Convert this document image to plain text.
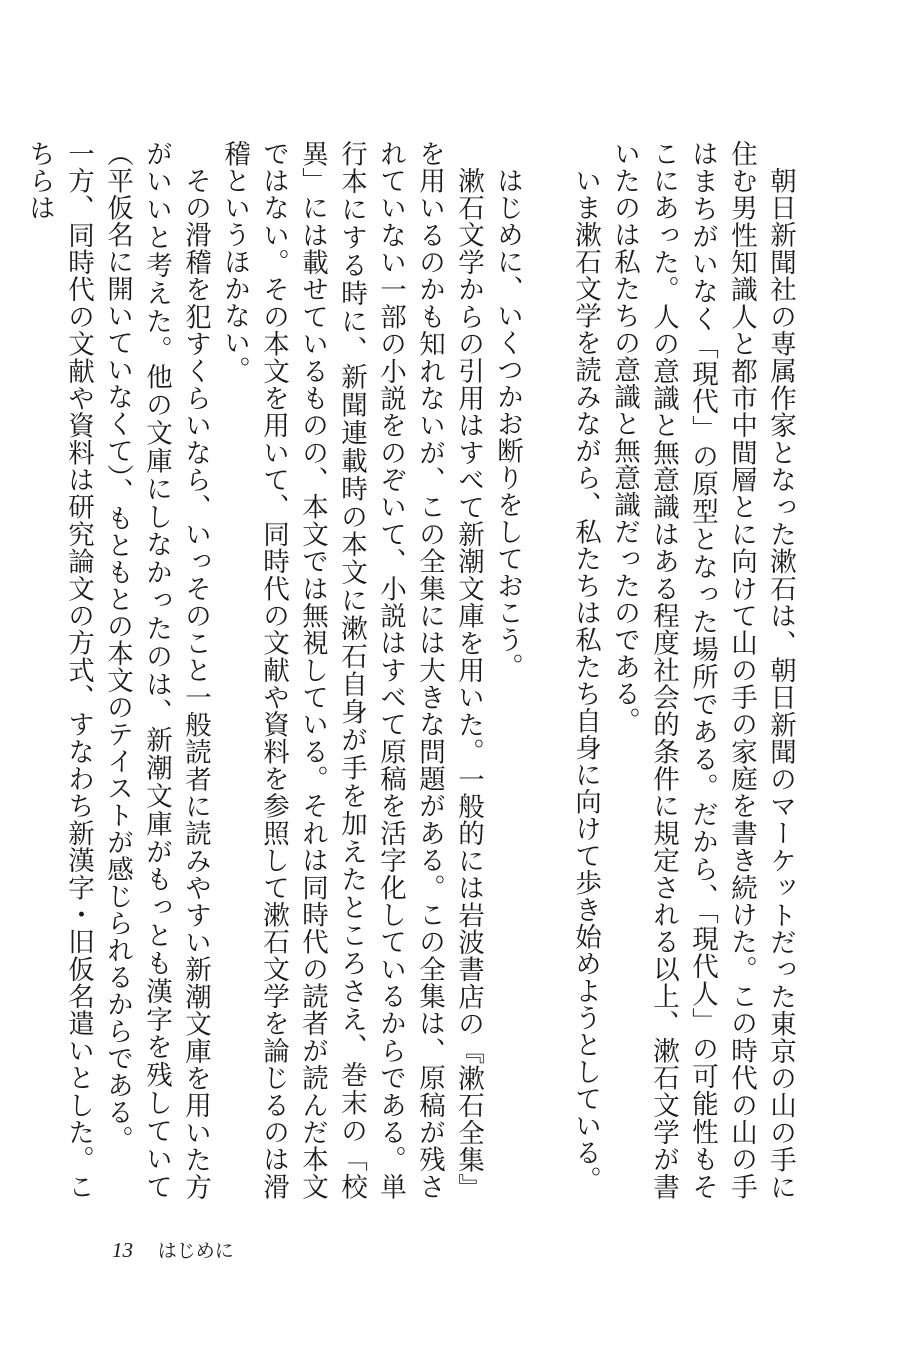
朝日新聞社の専属作家となった漱石は、朝日新聞のマーケットだった東京の山の手に住む男性知識人と都市中間層とに向けて山の手の家庭を書き続けた。この時代の山の手はまちがいなく「現代」の原型となった場所である。だから、「現代人」の可能性もそこにあった。人の意識と無意識はある程度社会的条件に規定される以上、漱石文学が書いたのは私たちの意識と無意識だったのである。

いま漱石文学を読みながら、私たちは私たち自身に向けて歩き始めようとしている。

はじめに、いくつかお断りをしておこう。

漱石文学からの引用はすべて新潮文庫を用いた。一般的には岩波書店の『漱石全集』を用いるのかも知れないが、この全集には大きな問題がある。この全集は、原稿が残されていない一部の小説をのぞいて、小説はすべて原稿を活字化しているからである。単行本にする時に、新聞連載時の本文に漱石自身が手を加えたところさえ、巻末の「校異」には載せているものの、本文では無視している。それは同時代の読者が読んだ本文ではない。その本文を用いて、同時代の文献や資料を参照して漱石文学を論じるのは滑稽というほかない。

その滑稽を犯すくらいなら、いっそのこと一般読者に読みやすい新潮文庫を用いた方がいいと考えた。他の文庫にしなかったのは、新潮文庫がもっとも漢字を残していて（平仮名に開いていなくて）、もともとの本文のテイストが感じられるからである。

一方、同時代の文献や資料は研究論文の方式、すなわち新漢字・旧仮名遣いとした。こちらは

13 はじめに
